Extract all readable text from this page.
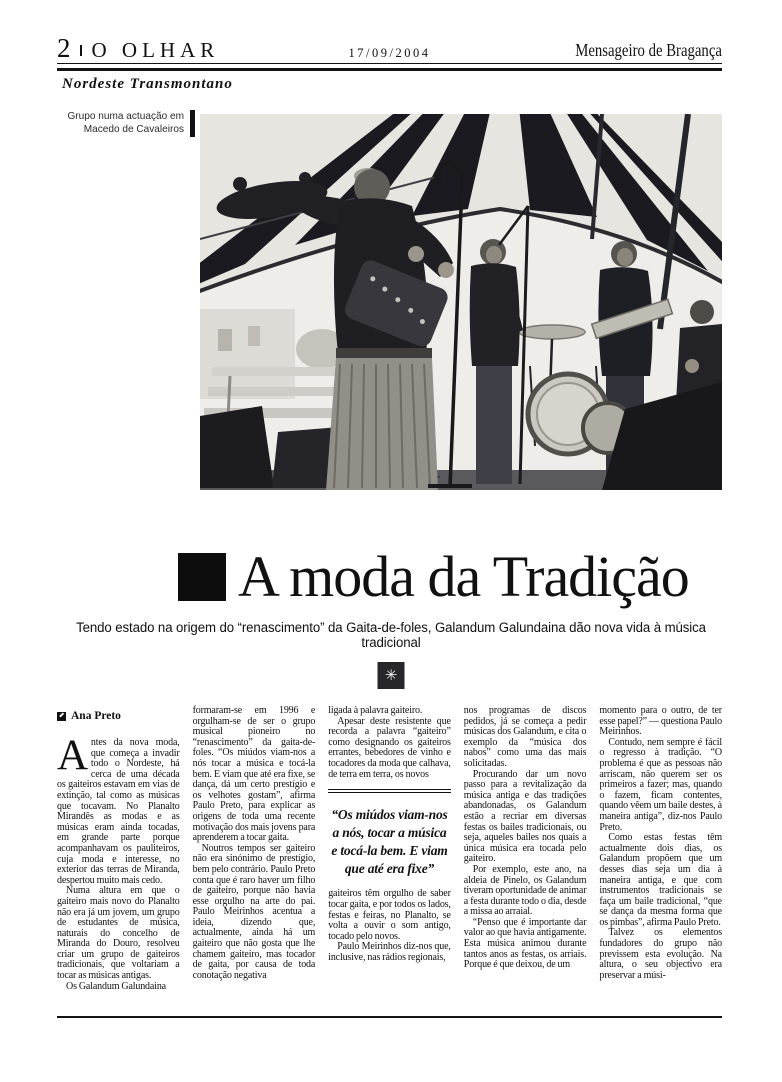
2 O OLHAR	17/09/2004	Mensageiro de Bragança
Nordeste Transmontano
Grupo numa actuação em Macedo de Cavaleiros
A moda da Tradição
Tendo estado na origem do “renascimento” da Gaita-de-foles, Galandum Galundaina dão nova vida à música tradicional
✳
Ana Preto

Antes da nova moda, que começa a invadir todo o Nordeste, há cerca de uma década os gaiteiros estavam em vias de extinção, tal como as músicas que tocavam. No Planalto Mirandês as modas e as músicas eram ainda tocadas, em grande parte porque acompanhavam os pauliteiros, cuja moda e interesse, no exterior das terras de Miranda, despertou muito mais cedo.

Numa altura em que o gaiteiro mais novo do Planalto não era já um jovem, um grupo de estudantes de música, naturais do concelho de Miranda do Douro, resolveu criar um grupo de gaiteiros tradicionais, que voltariam a tocar as músicas antigas.

Os Galandum Galundaina

formaram-se em 1996 e orgulham-se de ser o grupo musical pioneiro no “renascimento” da gaita-de-foles. “Os miúdos viam-nos a nós tocar a música e tocá-la bem. E viam que até era fixe, se dança, dá um certo prestígio e os velhotes gostam”, afirma Paulo Preto, para explicar as origens de toda uma recente motivação dos mais jovens para aprenderem a tocar gaita.

Noutros tempos ser gaiteiro não era sinónimo de prestígio, bem pelo contrário. Paulo Preto conta que é raro haver um filho de gaiteiro, porque não havia esse orgulho na arte do pai. Paulo Meirinhos acentua a ideia, dizendo que, actualmente, ainda há um gaiteiro que não gosta que lhe chamem gaiteiro, mas tocador de gaita, por causa de toda conotação negativa

ligada à palavra gaiteiro.

Apesar deste resistente que recorda a palavra “gaiteiro” como designando os gaiteiros errantes, bebedores de vinho e tocadores da moda que calhava, de terra em terra, os novos

“Os miúdos viam-nos a nós, tocar a música e tocá-la bem. E viam que até era fixe”

gaiteiros têm orgulho de saber tocar gaita, e por todos os lados, festas e feiras, no Planalto, se volta a ouvir o som antigo, tocado pelo novos.

Paulo Meirinhos diz-nos que, inclusive, nas rádios regionais,

nos programas de discos pedidos, já se começa a pedir músicas dos Galandum, e cita o exemplo da “música dos nabos” como uma das mais solicitadas.

Procurando dar um novo passo para a revitalização da música antiga e das tradições abandonadas, os Galandum estão a recriar em diversas festas os bailes tradicionais, ou seja, aqueles bailes nos quais a única música era tocada pelo gaiteiro.

Por exemplo, este ano, na aldeia de Pinelo, os Galandum tiveram oportunidade de animar a festa durante todo o dia, desde a missa ao arraial.

“Penso que é importante dar valor ao que havia antigamente. Esta música animou durante tantos anos as festas, os arriais. Porque é que deixou, de um

momento para o outro, de ter esse papel?” — questiona Paulo Meirinhos.

Contudo, nem sempre é fácil o regresso à tradição. “O problema é que as pessoas não arriscam, não querem ser os primeiros a fazer; mas, quando o fazem, ficam contentes, quando vêem um baile destes, à maneira antiga”, diz-nos Paulo Preto.

Como estas festas têm actualmente dois dias, os Galandum propõem que um desses dias seja um dia à maneira antiga, e que com instrumentos tradicionais se faça um baile tradicional, “que se dança da mesma forma que os pimbas”, afirma Paulo Preto.

Talvez os elementos fundadores do grupo não previssem esta evolução. Na altura, o seu objectivo era preservar a músi-
